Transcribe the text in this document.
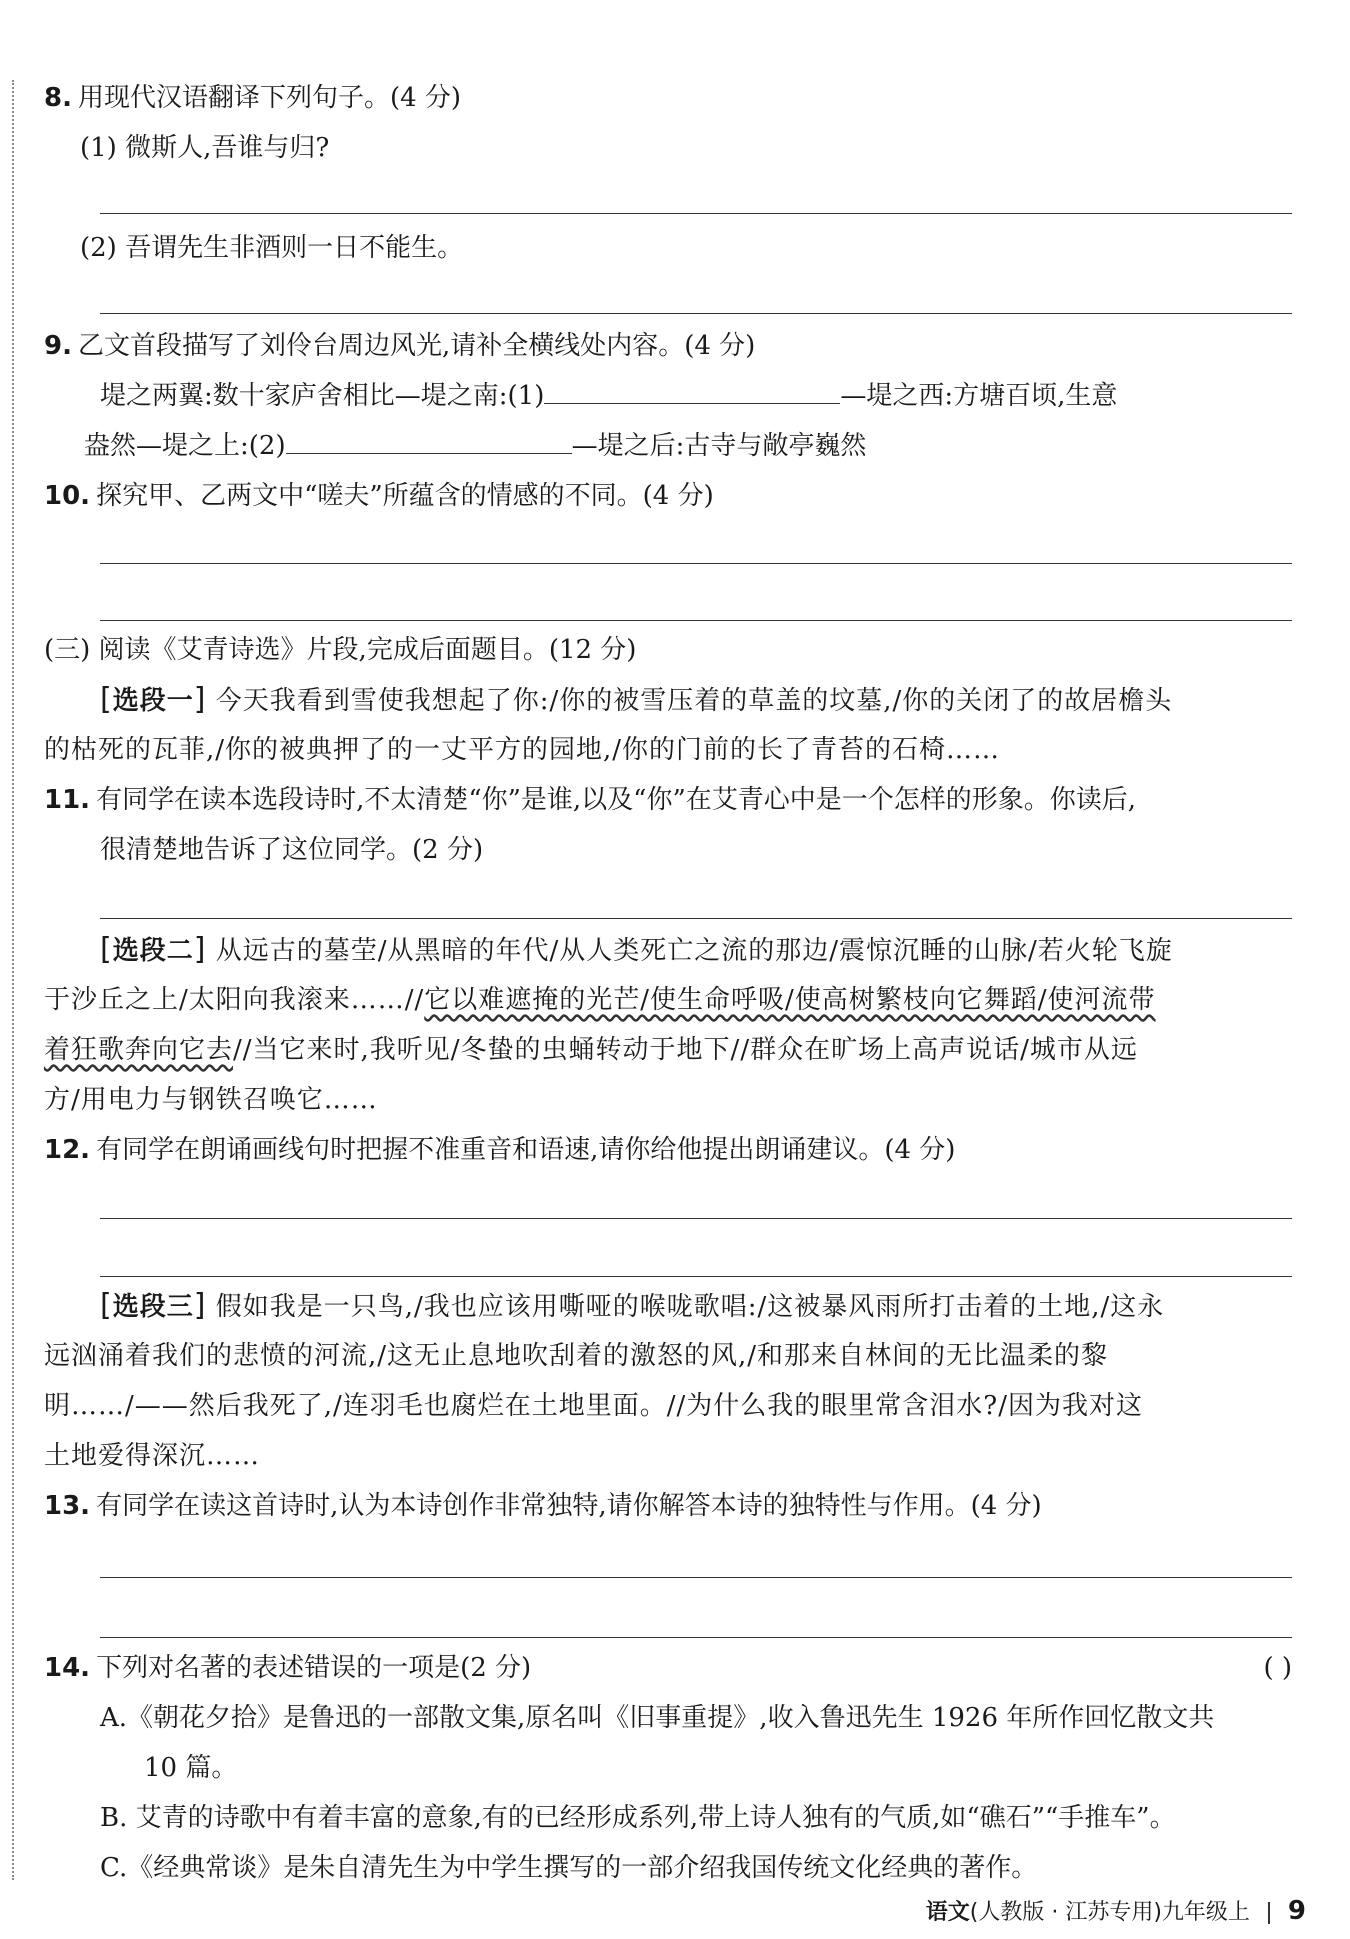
8. 用现代汉语翻译下列句子。(4 分)
(1) 微斯人,吾谁与归?
(2) 吾谓先生非酒则一日不能生。
9. 乙文首段描写了刘伶台周边风光,请补全横线处内容。(4 分)
堤之两翼:数十家庐舍相比—堤之南:(1)	—堤之西:方塘百顷,生意
盎然—堤之上:(2)	—堤之后:古寺与敞亭巍然
10. 探究甲、乙两文中“嗟夫”所蕴含的情感的不同。(4 分)
(三) 阅读《艾青诗选》片段,完成后面题目。(12 分)
[ 选段一 ] 今天我看到雪使我想起了你:/你的被雪压着的草盖的坟墓,/你的关闭了的故居檐头
的枯死的瓦菲,/你的被典押了的一丈平方的园地,/你的门前的长了青苔的石椅……
11. 有同学在读本选段诗时,不太清楚“你”是谁,以及“你”在艾青心中是一个怎样的形象。你读后,
很清楚地告诉了这位同学。(2 分)
[ 选段二 ] 从远古的墓茔/从黑暗的年代/从人类死亡之流的那边/震惊沉睡的山脉/若火轮飞旋
于沙丘之上/太阳向我滚来……//它以难遮掩的光芒/使生命呼吸/使高树繁枝向它舞蹈/使河流带
着狂歌奔向它去//当它来时,我听见/冬蛰的虫蛹转动于地下//群众在旷场上高声说话/城市从远
方/用电力与钢铁召唤它……
12. 有同学在朗诵画线句时把握不准重音和语速,请你给他提出朗诵建议。(4 分)
[ 选段三 ] 假如我是一只鸟,/我也应该用嘶哑的喉咙歌唱:/这被暴风雨所打击着的土地,/这永
远汹涌着我们的悲愤的河流,/这无止息地吹刮着的激怒的风,/和那来自林间的无比温柔的黎
明……/——然后我死了,/连羽毛也腐烂在土地里面。//为什么我的眼里常含泪水?/因为我对这
土地爱得深沉……
13. 有同学在读这首诗时,认为本诗创作非常独特,请你解答本诗的独特性与作用。(4 分)
14. 下列对名著的表述错误的一项是(2 分)	( )
A.《朝花夕拾》是鲁迅的一部散文集,原名叫《旧事重提》,收入鲁迅先生 1926 年所作回忆散文共
10 篇。
B. 艾青的诗歌中有着丰富的意象,有的已经形成系列,带上诗人独有的气质,如“礁石”“手推车”。
C.《经典常谈》是朱自清先生为中学生撰写的一部介绍我国传统文化经典的著作。
语文(人教版 · 江苏专用)九年级上 9
